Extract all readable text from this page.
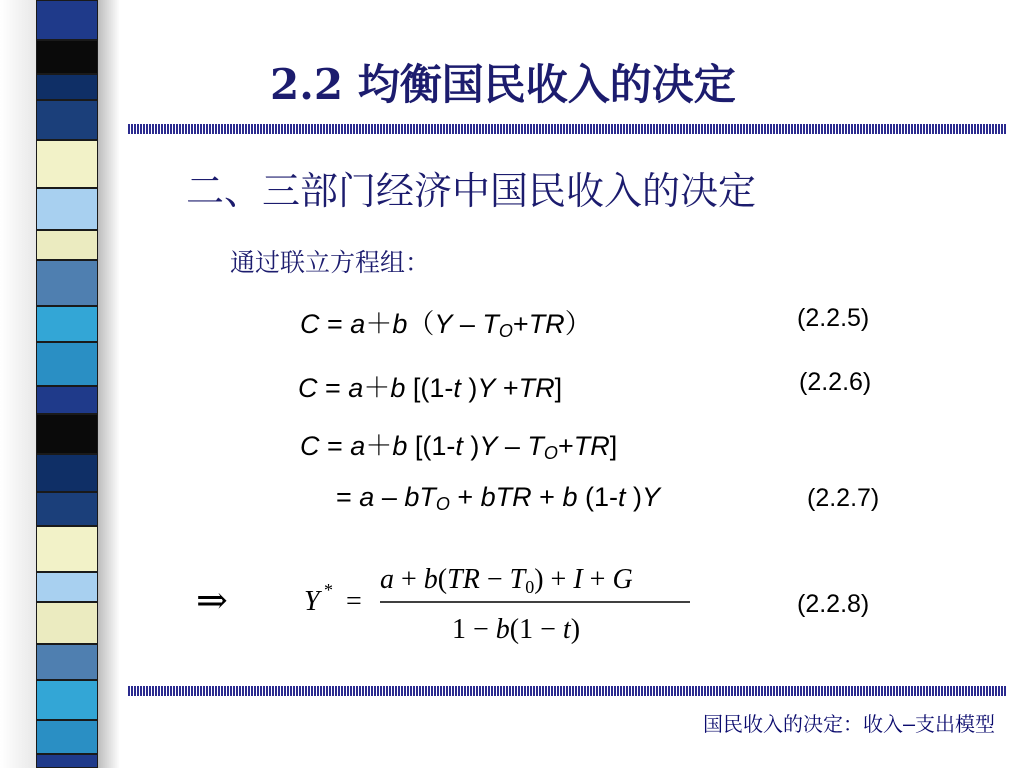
2.2 均衡国民收入的决定
二、三部门经济中国民收入的决定
通过联立方程组：
$C = a+b(Y - T_O+TR)$	(2.2.5)
C = a＋b [(1-t )Y +TR]	(2.2.6)
C = a＋b [(1-t )$Y - T_O+TR$]
= a – $bT_O$ + bTR + b (1-t )Y	(2.2.7)
⇒	Y * =
a + b(TR − T0) + I + G
1 − b(1 − t)
(2.2.8)
国民收入的决定：收入–支出模型
